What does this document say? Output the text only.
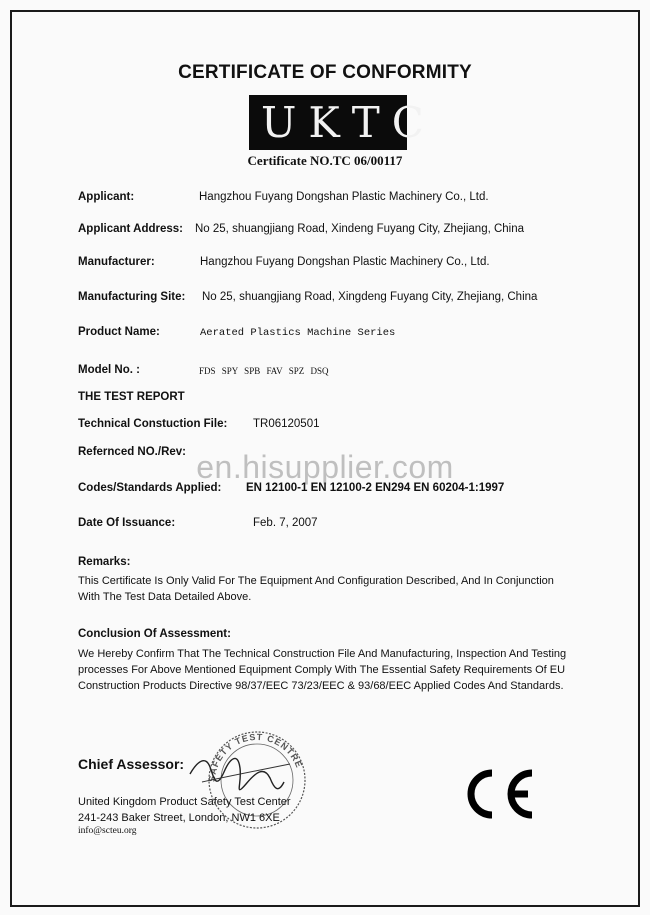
CERTIFICATE OF CONFORMITY
UKTC
Certificate NO.TC 06/00117
Applicant:	Hangzhou Fuyang Dongshan Plastic Machinery Co., Ltd.
Applicant Address: No 25, shuangjiang Road, Xindeng Fuyang City, Zhejiang, China
Manufacturer:	Hangzhou Fuyang Dongshan Plastic Machinery Co., Ltd.
Manufacturing Site: No 25, shuangjiang Road, Xingdeng Fuyang City, Zhejiang, China
Product Name:	Aerated Plastics Machine Series
Model No. :	FDS SPY SPB FAV SPZ DSQ
THE TEST REPORT
Technical Constuction File: TR06120501
Refernced NO./Rev: en.hisupplier.com
Codes/Standards Applied: EN 12100-1 EN 12100-2 EN294 EN 60204-1:1997
Date Of Issuance:	Feb. 7, 2007
Remarks:
This Certificate Is Only Valid For The Equipment And Configuration Described, And In Conjunction With The Test Data Detailed Above.
Conclusion Of Assessment:
We Hereby Confirm That The Technical Construction File And Manufacturing, Inspection And Testing processes For Above Mentioned Equipment Comply With The Essential Safety Requirements Of EU Construction Products Directive 98/37/EEC 73/23/EEC & 93/68/EEC Applied Codes And Standards.
Chief Assessor:
SAFETY TEST CENTRE
United Kingdom Product Safety Test Center
241-243 Baker Street, London, NW1 6XE
info@scteu.org
